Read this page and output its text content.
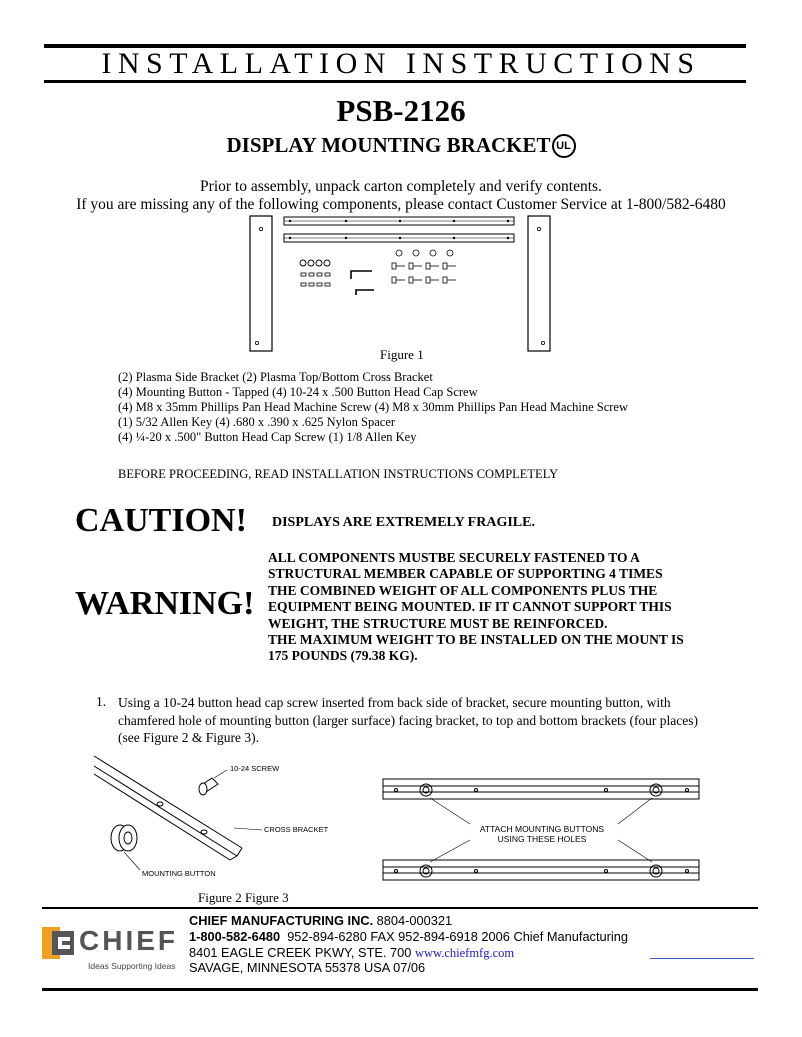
INSTALLATION INSTRUCTIONS
PSB-2126
DISPLAY MOUNTING BRACKET UL
Prior to assembly, unpack carton completely and verify contents.
If you are missing any of the following components, please contact Customer Service at 1-800/582-6480
Figure 1
(2) Plasma Side Bracket (2) Plasma Top/Bottom Cross Bracket
(4) Mounting Button - Tapped (4) 10-24 x .500 Button Head Cap Screw
(4) M8 x 35mm Phillips Pan Head Machine Screw (4) M8 x 30mm Phillips Pan Head Machine Screw
(1) 5/32 Allen Key (4) .680 x .390 x .625 Nylon Spacer
(4) ¼-20 x .500" Button Head Cap Screw (1) 1/8 Allen Key
BEFORE PROCEEDING, READ INSTALLATION INSTRUCTIONS COMPLETELY
CAUTION! DISPLAYS ARE EXTREMELY FRAGILE.
WARNING!
ALL COMPONENTS MUSTBE SECURELY FASTENED TO A
STRUCTURAL MEMBER CAPABLE OF SUPPORTING 4 TIMES
THE COMBINED WEIGHT OF ALL COMPONENTS PLUS THE
EQUIPMENT BEING MOUNTED. IF IT CANNOT SUPPORT THIS
WEIGHT, THE STRUCTURE MUST BE REINFORCED.
THE MAXIMUM WEIGHT TO BE INSTALLED ON THE MOUNT IS
175 POUNDS (79.38 KG).
1. Using a 10-24 button head cap screw inserted from back side of bracket, secure mounting button, with
chamfered hole of mounting button (larger surface) facing bracket, to top and bottom brackets (four places)
(see Figure 2 & Figure 3).
10-24 SCREW
MOUNTING BUTTON
CROSS BRACKET	ATTACH MOUNTING BUTTONS
USING THESE HOLES
Figure 2 Figure 3
CHIEF
Ideas Supporting Ideas
CHIEF MANUFACTURING INC. 8804-000321
1-800-582-6480  952-894-6280 FAX 952-894-6918 2006 Chief Manufacturing
8401 EAGLE CREEK PKWY, STE. 700 www.chiefmfg.com
SAVAGE, MINNESOTA 55378 USA 07/06
